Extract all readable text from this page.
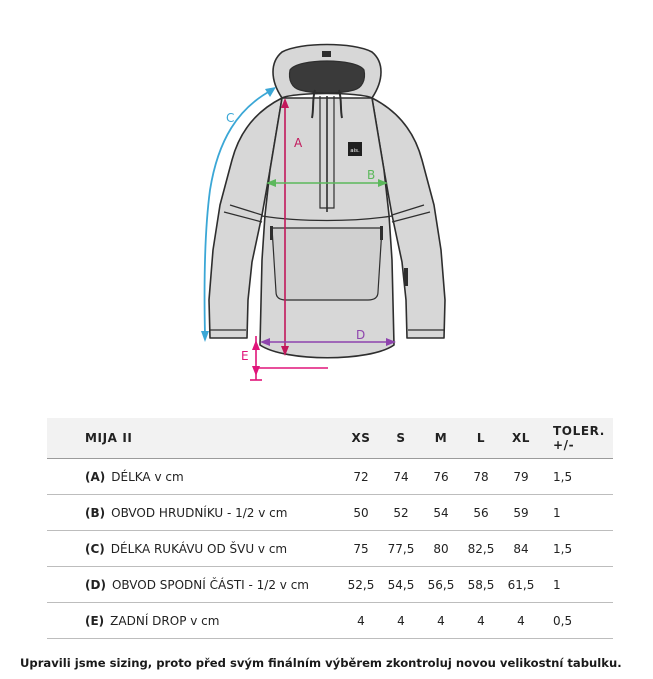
ais.
A
B
C
D
E
MIJA II	XS	S	M	L	XL	TOLER. +/-
(A) DÉLKA v cm	72	74	76	78	79	1,5
(B) OBVOD HRUDNÍKU - 1/2 v cm	50	52	54	56	59	1
(C) DÉLKA RUKÁVU OD ŠVU v cm	75	77,5	80	82,5	84	1,5
(D) OBVOD SPODNÍ ČÁSTI - 1/2 v cm	52,5	54,5	56,5	58,5	61,5	1
(E) ZADNÍ DROP v cm	4	4	4	4	4	0,5
Upravili jsme sizing, proto před svým finálním výběrem zkontroluj novou velikostní tabulku.
